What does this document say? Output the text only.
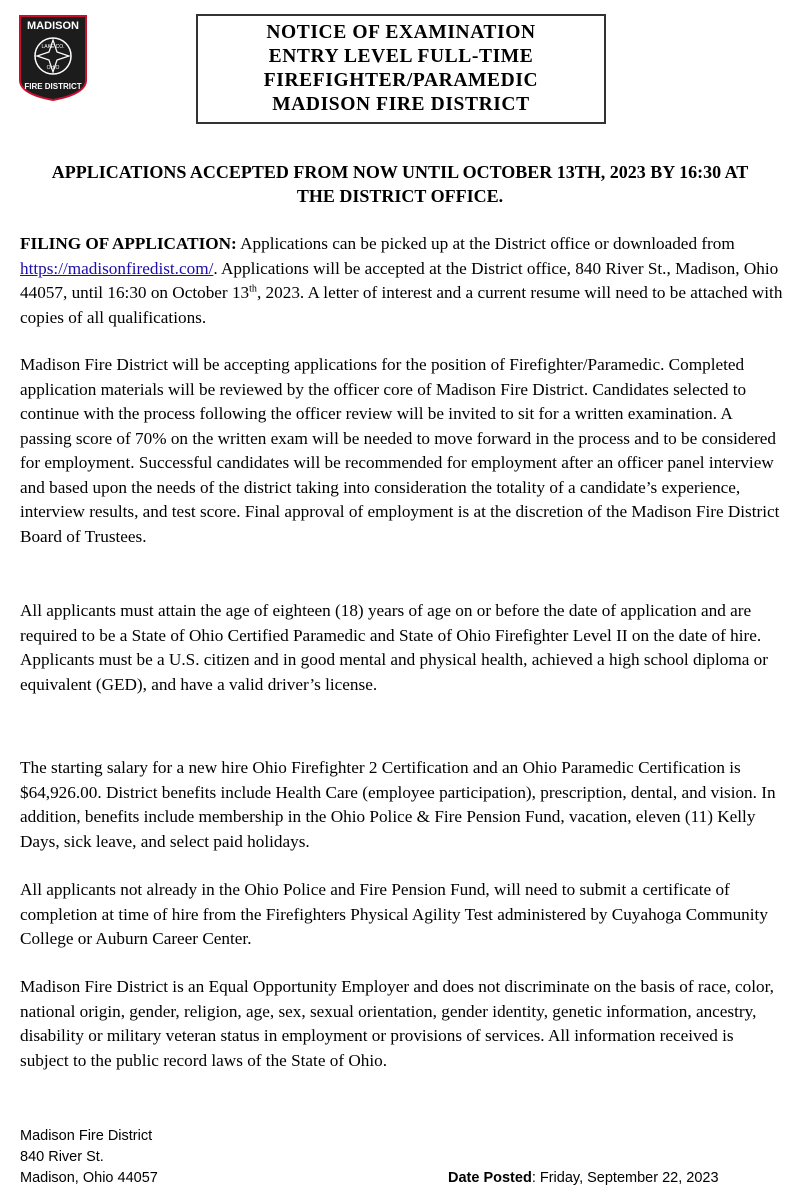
MADISON
LAKE CO.
OHIO
FIRE DISTRICT
NOTICE OF EXAMINATION
ENTRY LEVEL FULL-TIME
FIREFIGHTER/PARAMEDIC
MADISON FIRE DISTRICT
APPLICATIONS ACCEPTED FROM NOW UNTIL OCTOBER 13TH, 2023 BY 16:30 AT
THE DISTRICT OFFICE.
FILING OF APPLICATION: Applications can be picked up at the District office or downloaded from https://madisonfiredist.com/. Applications will be accepted at the District office, 840 River St., Madison, Ohio 44057, until 16:30 on October 13th, 2023. A letter of interest and a current resume will need to be attached with copies of all qualifications.
Madison Fire District will be accepting applications for the position of Firefighter/Paramedic. Completed application materials will be reviewed by the officer core of Madison Fire District. Candidates selected to continue with the process following the officer review will be invited to sit for a written examination. A passing score of 70% on the written exam will be needed to move forward in the process and to be considered for employment. Successful candidates will be recommended for employment after an officer panel interview and based upon the needs of the district taking into consideration the totality of a candidate’s experience, interview results, and test score. Final approval of employment is at the discretion of the Madison Fire District Board of Trustees.
All applicants must attain the age of eighteen (18) years of age on or before the date of application and are required to be a State of Ohio Certified Paramedic and State of Ohio Firefighter Level II on the date of hire. Applicants must be a U.S. citizen and in good mental and physical health, achieved a high school diploma or equivalent (GED), and have a valid driver’s license.
The starting salary for a new hire Ohio Firefighter 2 Certification and an Ohio Paramedic Certification is $64,926.00. District benefits include Health Care (employee participation), prescription, dental, and vision. In addition, benefits include membership in the Ohio Police & Fire Pension Fund, vacation, eleven (11) Kelly Days, sick leave, and select paid holidays.
All applicants not already in the Ohio Police and Fire Pension Fund, will need to submit a certificate of completion at time of hire from the Firefighters Physical Agility Test administered by Cuyahoga Community College or Auburn Career Center.
Madison Fire District is an Equal Opportunity Employer and does not discriminate on the basis of race, color, national origin, gender, religion, age, sex, sexual orientation, gender identity, genetic information, ancestry, disability or military veteran status in employment or provisions of services. All information received is subject to the public record laws of the State of Ohio.
Madison Fire District
840 River St.
Madison, Ohio 44057	Date Posted: Friday, September 22, 2023
